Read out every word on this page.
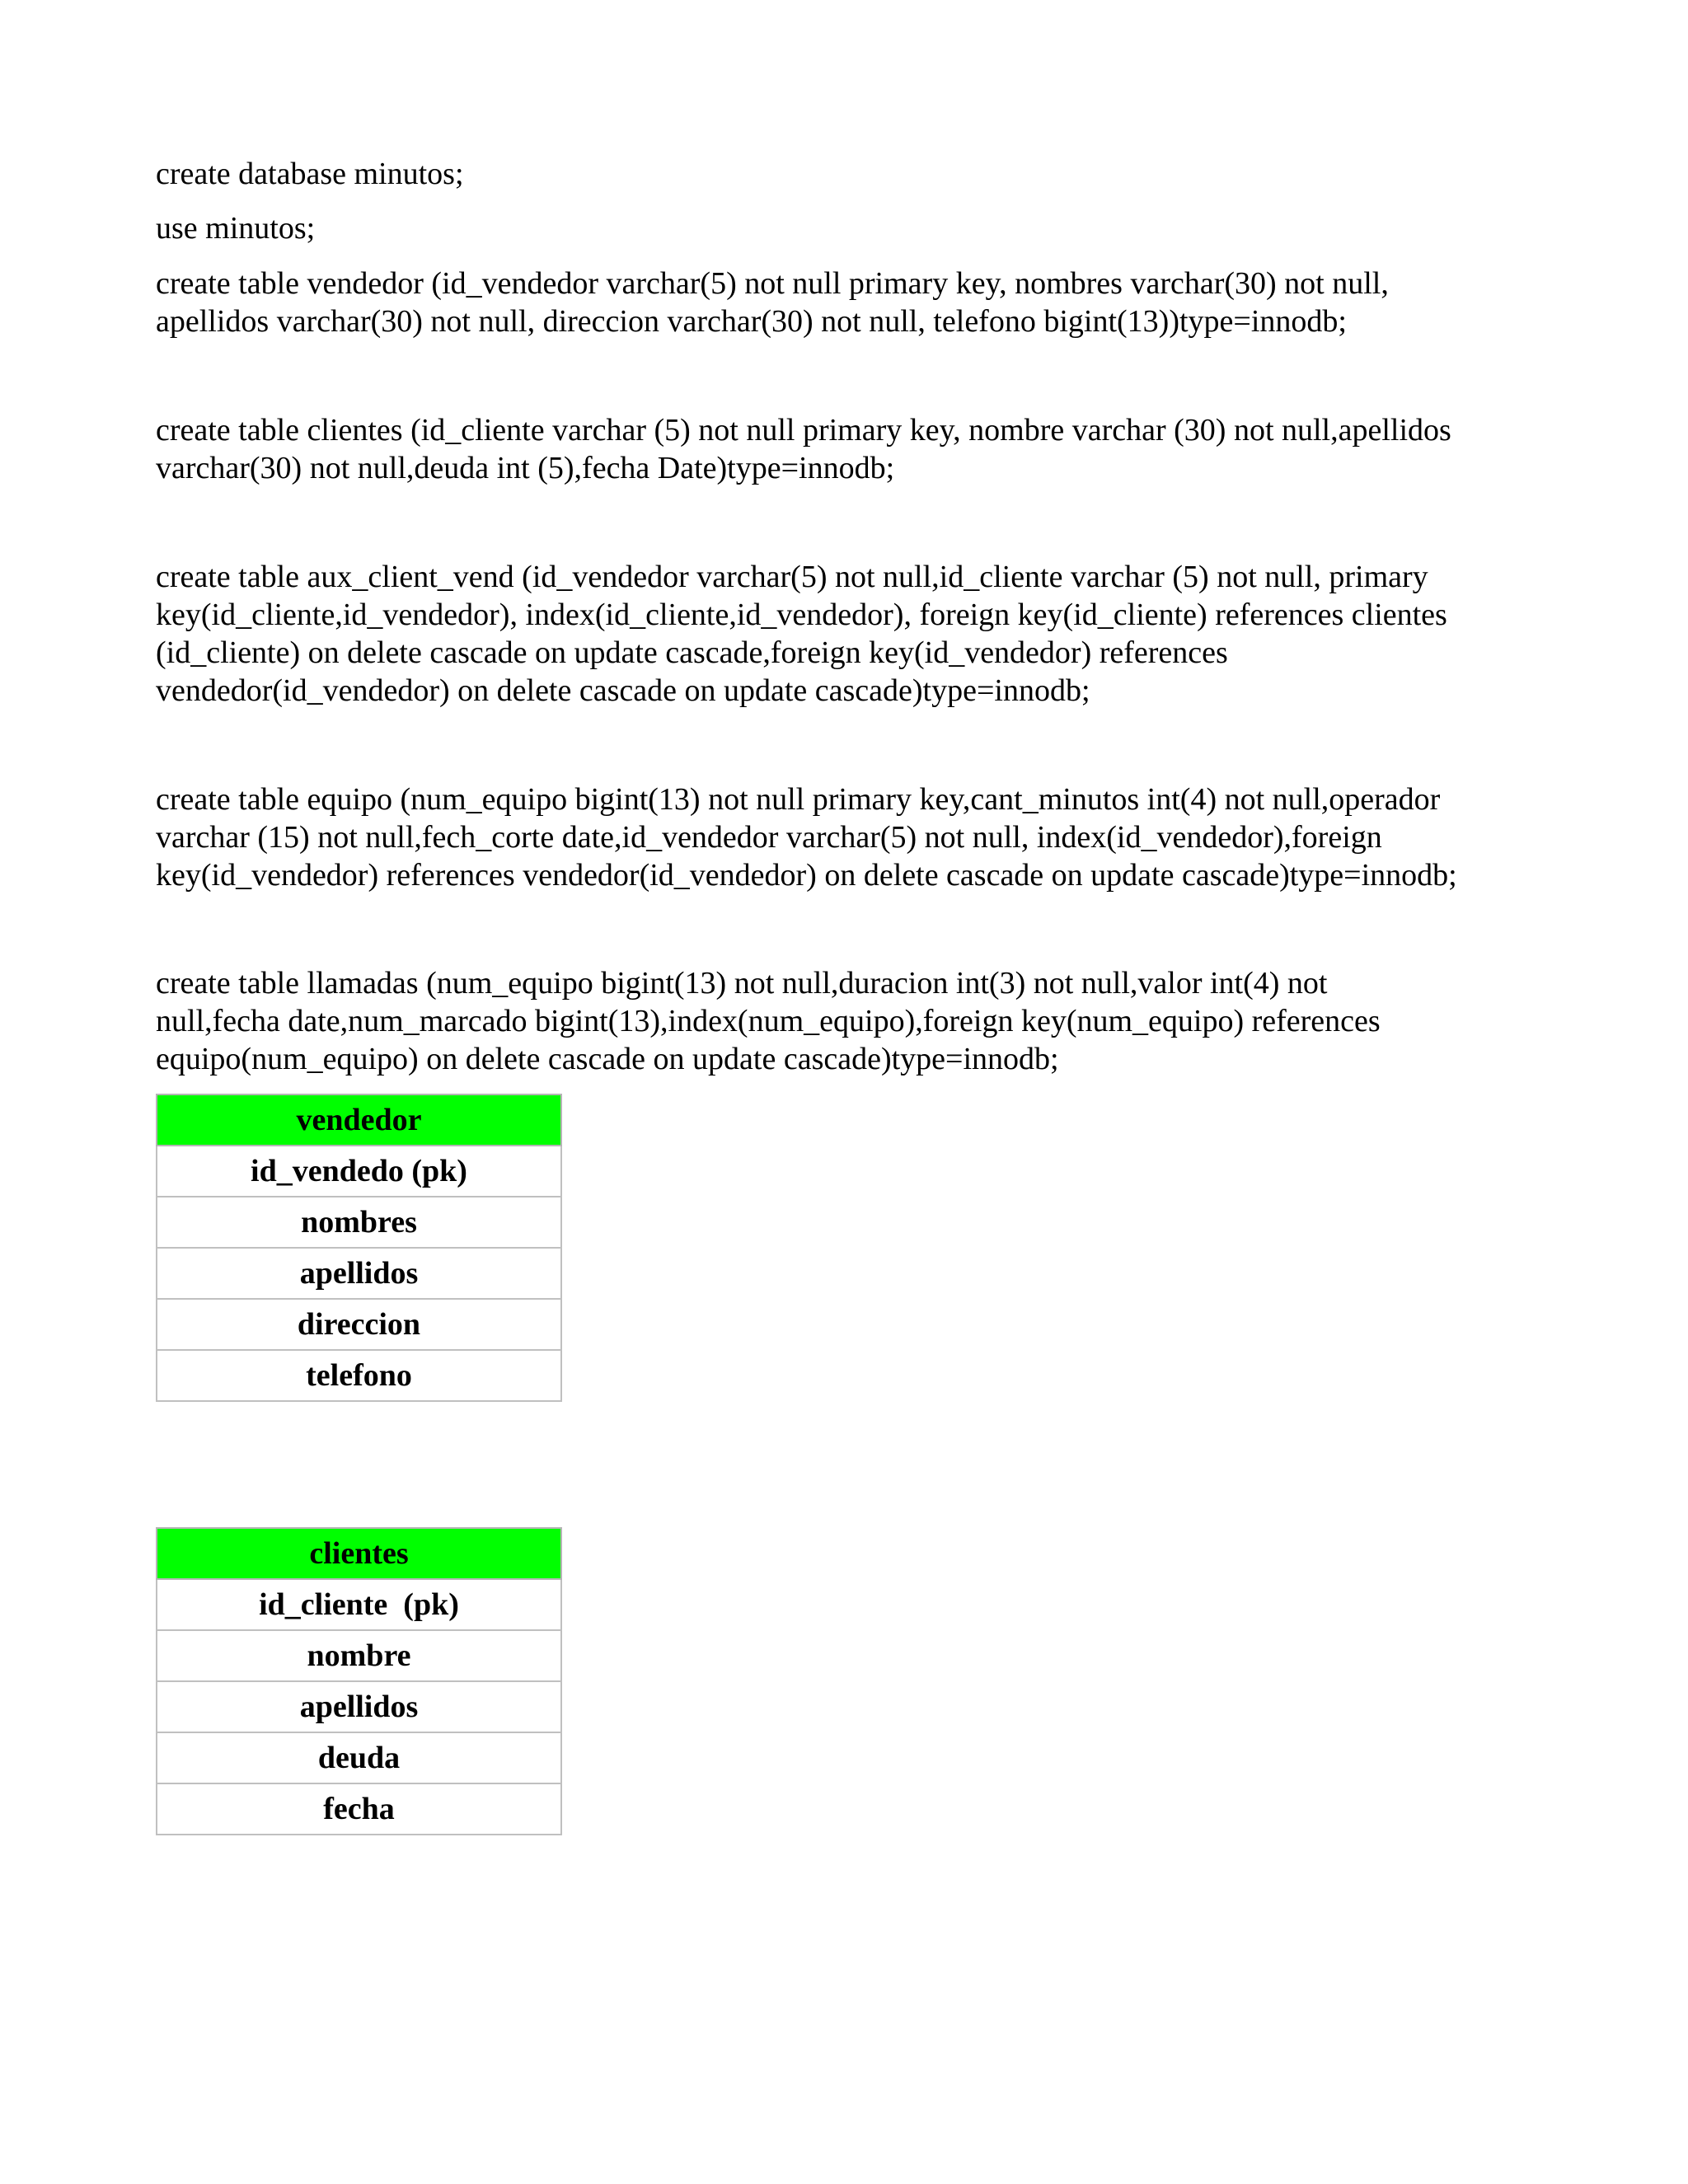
create database minutos;

use minutos;

create table vendedor (id_vendedor varchar(5) not null primary key, nombres varchar(30) not null,
apellidos varchar(30) not null, direccion varchar(30) not null, telefono bigint(13))type=innodb;

create table clientes (id_cliente varchar (5) not null primary key, nombre varchar (30) not null,apellidos
varchar(30) not null,deuda int (5),fecha Date)type=innodb;

create table aux_client_vend (id_vendedor varchar(5) not null,id_cliente varchar (5) not null, primary
key(id_cliente,id_vendedor), index(id_cliente,id_vendedor), foreign key(id_cliente) references clientes
(id_cliente) on delete cascade on update cascade,foreign key(id_vendedor) references
vendedor(id_vendedor) on delete cascade on update cascade)type=innodb;

create table equipo (num_equipo bigint(13) not null primary key,cant_minutos int(4) not null,operador
varchar (15) not null,fech_corte date,id_vendedor varchar(5) not null, index(id_vendedor),foreign
key(id_vendedor) references vendedor(id_vendedor) on delete cascade on update cascade)type=innodb;

create table llamadas (num_equipo bigint(13) not null,duracion int(3) not null,valor int(4) not
null,fecha date,num_marcado bigint(13),index(num_equipo),foreign key(num_equipo) references
equipo(num_equipo) on delete cascade on update cascade)type=innodb;

vendedor
id_vendedo (pk)
nombres
apellidos
direccion
telefono
clientes
id_cliente  (pk)
nombre
apellidos
deuda
fecha
